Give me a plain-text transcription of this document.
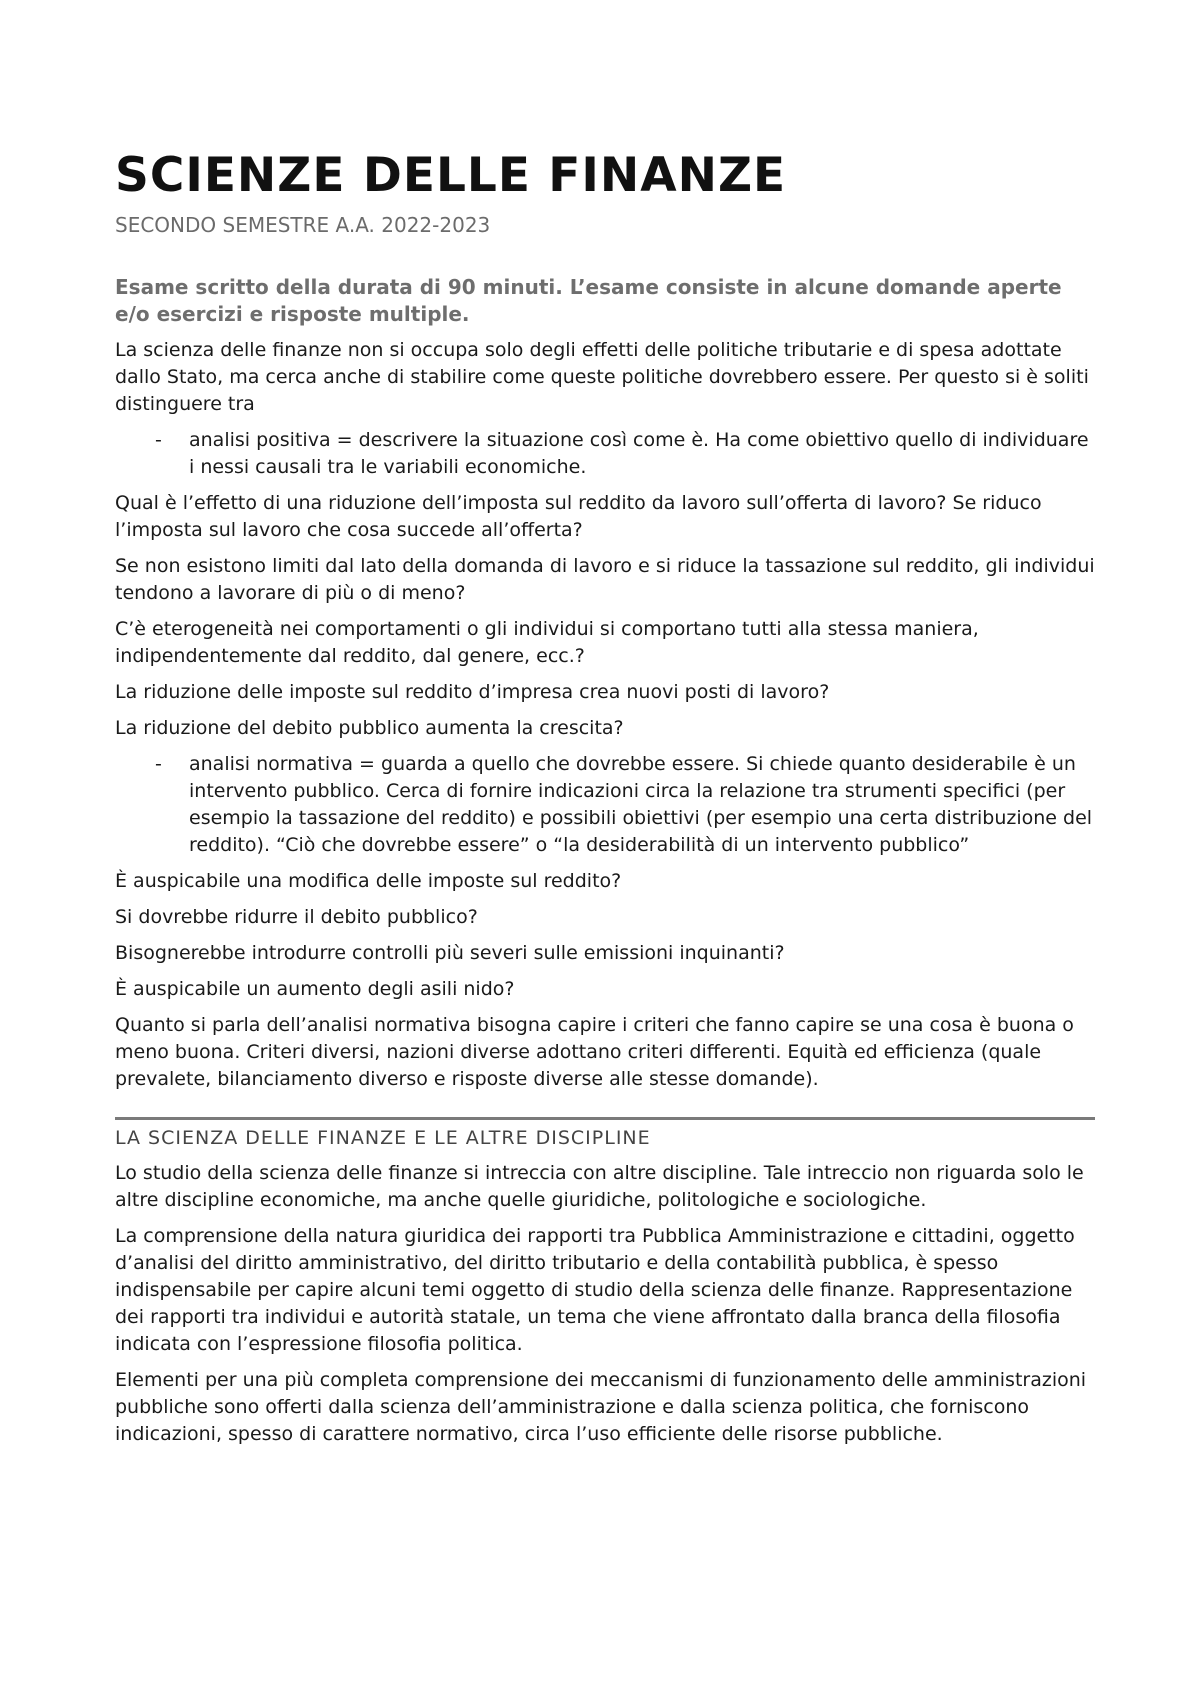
SCIENZE DELLE FINANZE
SECONDO SEMESTRE A.A. 2022-2023
Esame scritto della durata di 90 minuti. L’esame consiste in alcune domande aperte e/o esercizi e risposte multiple.

La scienza delle finanze non si occupa solo degli effetti delle politiche tributarie e di spesa adottate dallo Stato, ma cerca anche di stabilire come queste politiche dovrebbero essere. Per questo si è soliti distinguere tra

- analisi positiva = descrivere la situazione così come è. Ha come obiettivo quello di individuare i nessi causali tra le variabili economiche.

Qual è l’effetto di una riduzione dell’imposta sul reddito da lavoro sull’offerta di lavoro? Se riduco l’imposta sul lavoro che cosa succede all’offerta?

Se non esistono limiti dal lato della domanda di lavoro e si riduce la tassazione sul reddito, gli individui tendono a lavorare di più o di meno?

C’è eterogeneità nei comportamenti o gli individui si comportano tutti alla stessa maniera, indipendentemente dal reddito, dal genere, ecc.?

La riduzione delle imposte sul reddito d’impresa crea nuovi posti di lavoro?

La riduzione del debito pubblico aumenta la crescita?

- analisi normativa = guarda a quello che dovrebbe essere. Si chiede quanto desiderabile è un intervento pubblico. Cerca di fornire indicazioni circa la relazione tra strumenti specifici (per esempio la tassazione del reddito) e possibili obiettivi (per esempio una certa distribuzione del reddito). “Ciò che dovrebbe essere” o “la desiderabilità di un intervento pubblico”

È auspicabile una modifica delle imposte sul reddito?

Si dovrebbe ridurre il debito pubblico?

Bisognerebbe introdurre controlli più severi sulle emissioni inquinanti?

È auspicabile un aumento degli asili nido?

Quanto si parla dell’analisi normativa bisogna capire i criteri che fanno capire se una cosa è buona o meno buona. Criteri diversi, nazioni diverse adottano criteri differenti. Equità ed efficienza (quale prevalete, bilanciamento diverso e risposte diverse alle stesse domande).

LA SCIENZA DELLE FINANZE E LE ALTRE DISCIPLINE

Lo studio della scienza delle finanze si intreccia con altre discipline. Tale intreccio non riguarda solo le altre discipline economiche, ma anche quelle giuridiche, politologiche e sociologiche.

La comprensione della natura giuridica dei rapporti tra Pubblica Amministrazione e cittadini, oggetto d’analisi del diritto amministrativo, del diritto tributario e della contabilità pubblica, è spesso indispensabile per capire alcuni temi oggetto di studio della scienza delle finanze. Rappresentazione dei rapporti tra individui e autorità statale, un tema che viene affrontato dalla branca della filosofia indicata con l’espressione filosofia politica.

Elementi per una più completa comprensione dei meccanismi di funzionamento delle amministrazioni pubbliche sono offerti dalla scienza dell’amministrazione e dalla scienza politica, che forniscono indicazioni, spesso di carattere normativo, circa l’uso efficiente delle risorse pubbliche.
